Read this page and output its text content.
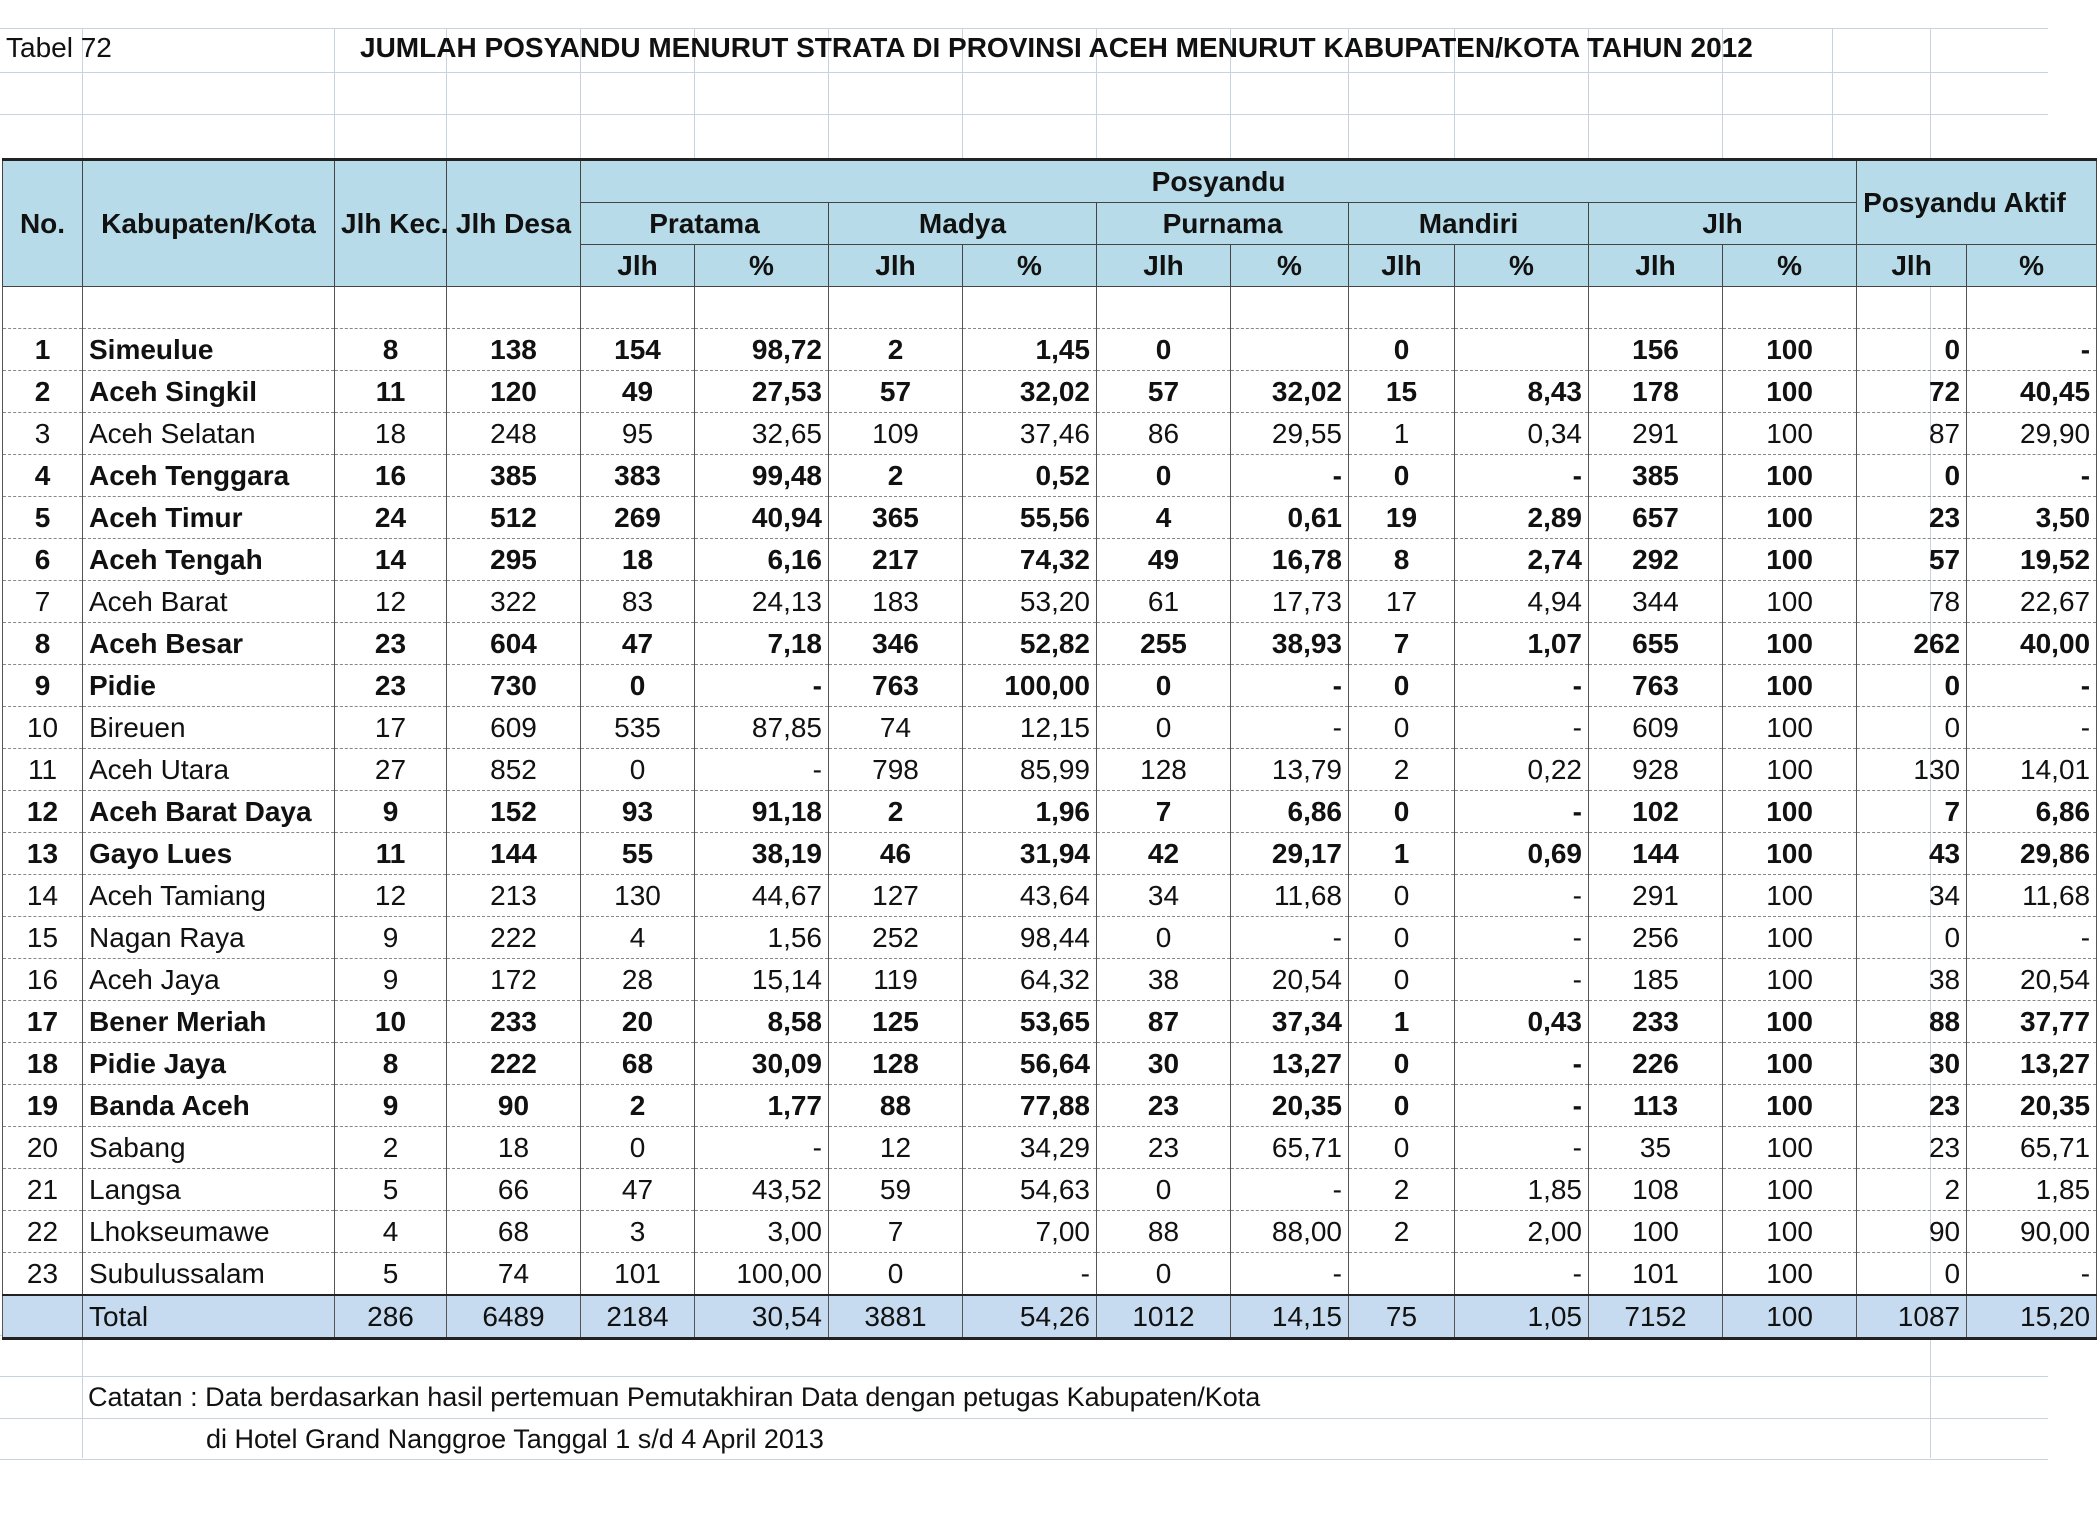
Tabel 72	JUMLAH POSYANDU MENURUT STRATA DI PROVINSI ACEH MENURUT KABUPATEN/KOTA TAHUN 2012
No.	Kabupaten/Kota	Jlh Kec.	Jlh Desa	Posyandu										Posyandu Aktif	
				Pratama		Madya		Purnama		Mandiri		Jlh			
				Jlh	%	Jlh	%	Jlh	%	Jlh	%	Jlh	%	Jlh	%

1	Simeulue	8	138	154	98,72	2	1,45	0		0		156	100	0	-
2	Aceh Singkil	11	120	49	27,53	57	32,02	57	32,02	15	8,43	178	100	72	40,45
3	Aceh Selatan	18	248	95	32,65	109	37,46	86	29,55	1	0,34	291	100	87	29,90
4	Aceh Tenggara	16	385	383	99,48	2	0,52	0	-	0	-	385	100	0	-
5	Aceh Timur	24	512	269	40,94	365	55,56	4	0,61	19	2,89	657	100	23	3,50
6	Aceh Tengah	14	295	18	6,16	217	74,32	49	16,78	8	2,74	292	100	57	19,52
7	Aceh Barat	12	322	83	24,13	183	53,20	61	17,73	17	4,94	344	100	78	22,67
8	Aceh Besar	23	604	47	7,18	346	52,82	255	38,93	7	1,07	655	100	262	40,00
9	Pidie	23	730	0	-	763	100,00	0	-	0	-	763	100	0	-
10	Bireuen	17	609	535	87,85	74	12,15	0	-	0	-	609	100	0	-
11	Aceh Utara	27	852	0	-	798	85,99	128	13,79	2	0,22	928	100	130	14,01
12	Aceh Barat Daya	9	152	93	91,18	2	1,96	7	6,86	0	-	102	100	7	6,86
13	Gayo Lues	11	144	55	38,19	46	31,94	42	29,17	1	0,69	144	100	43	29,86
14	Aceh Tamiang	12	213	130	44,67	127	43,64	34	11,68	0	-	291	100	34	11,68
15	Nagan Raya	9	222	4	1,56	252	98,44	0	-	0	-	256	100	0	-
16	Aceh Jaya	9	172	28	15,14	119	64,32	38	20,54	0	-	185	100	38	20,54
17	Bener Meriah	10	233	20	8,58	125	53,65	87	37,34	1	0,43	233	100	88	37,77
18	Pidie Jaya	8	222	68	30,09	128	56,64	30	13,27	0	-	226	100	30	13,27
19	Banda Aceh	9	90	2	1,77	88	77,88	23	20,35	0	-	113	100	23	20,35
20	Sabang	2	18	0	-	12	34,29	23	65,71	0	-	35	100	23	65,71
21	Langsa	5	66	47	43,52	59	54,63	0	-	2	1,85	108	100	2	1,85
22	Lhokseumawe	4	68	3	3,00	7	7,00	88	88,00	2	2,00	100	100	90	90,00
23	Subulussalam	5	74	101	100,00	0	-	0	-		-	101	100	0	-
	Total	286	6489	2184	30,54	3881	54,26	1012	14,15	75	1,05	7152	100	1087	15,20
Catatan : Data berdasarkan hasil pertemuan Pemutakhiran Data dengan petugas Kabupaten/Kota
di Hotel Grand Nanggroe Tanggal 1 s/d 4 April 2013
